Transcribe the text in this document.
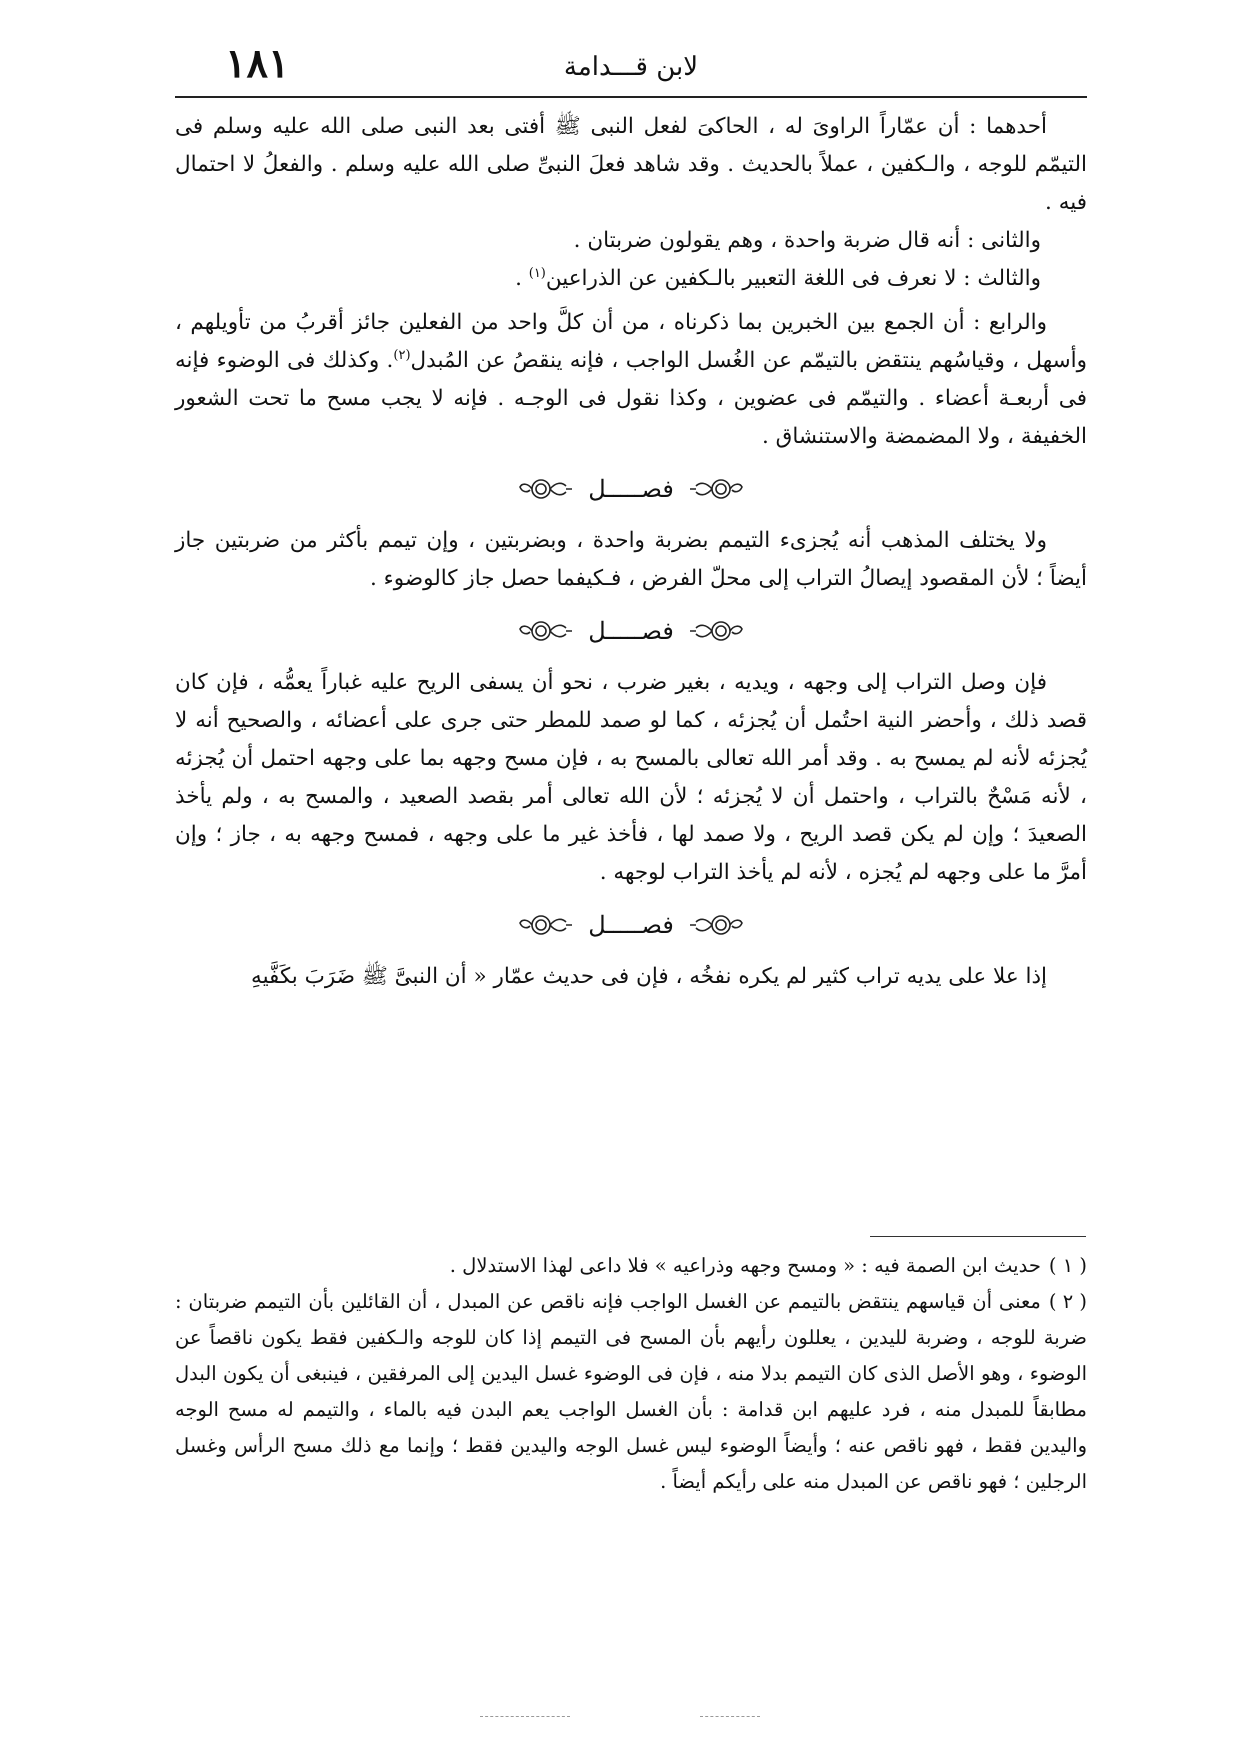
١٨١	لابن قـــدامة

أحدهما : أن عمّاراً الراوىَ له ، الحاكىَ لفعل النبى ﷺ أفتى بعد النبى صلى الله عليه وسلم فى التيمّم للوجه ، والـكفين ، عملاً بالحديث . وقد شاهد فعلَ النبىِّ صلى الله عليه وسلم . والفعلُ لا احتمال فيه .

والثانى : أنه قال ضربة واحدة ، وهم يقولون ضربتان .

والثالث : لا نعرف فى اللغة التعبير بالـكفين عن الذراعين$^{(١)}$ .

والرابع : أن الجمع بين الخبرين بما ذكرناه ، من أن كلَّ واحد من الفعلين جائز أقربُ من تأويلهم ، وأسهل ، وقياسُهم ينتقض بالتيمّم عن الغُسل الواجب ، فإنه ينقصُ عن المُبدل$^{(٢)}$. وكذلك فى الوضوء فإنه فى أربعـة أعضاء . والتيمّم فى عضوين ، وكذا نقول فى الوجـه . فإنه لا يجب مسح ما تحت الشعور الخفيفة ، ولا المضمضة والاستنشاق .

فصـــــل

ولا يختلف المذهب أنه يُجزىء التيمم بضربة واحدة ، وبضربتين ، وإن تيمم بأكثر من ضربتين جاز أيضاً ؛ لأن المقصود إيصالُ التراب إلى محلّ الفرض ، فـكيفما حصل جاز كالوضوء .

فصـــــل

فإن وصل التراب إلى وجهه ، ويديه ، بغير ضرب ، نحو أن يسفى الريح عليه غباراً يعمُّه ، فإن كان قصد ذلك ، وأحضر النية احتُمل أن يُجزئه ، كما لو صمد للمطر حتى جرى على أعضائه ، والصحيح أنه لا يُجزئه لأنه لم يمسح به . وقد أمر الله تعالى بالمسح به ، فإن مسح وجهه بما على وجهه احتمل أن يُجزئه ، لأنه مَسْحٌ بالتراب ، واحتمل أن لا يُجزئه ؛ لأن الله تعالى أمر بقصد الصعيد ، والمسح به ، ولم يأخذ الصعيدَ ؛ وإن لم يكن قصد الريح ، ولا صمد لها ، فأخذ غير ما على وجهه ، فمسح وجهه به ، جاز ؛ وإن أمرَّ ما على وجهه لم يُجزه ، لأنه لم يأخذ التراب لوجهه .

فصـــــل

إذا علا على يديه تراب كثير لم يكره نفخُه ، فإن فى حديث عمّار « أن النبىَّ ﷺ ضَرَبَ بكَفَّيهِ

( ١ )حديث ابن الصمة فيه : « ومسح وجهه وذراعيه » فلا داعى لهذا الاستدلال .

( ٢ )معنى أن قياسهم ينتقض بالتيمم عن الغسل الواجب فإنه ناقص عن المبدل ، أن القائلين بأن التيمم ضربتان : ضربة للوجه ، وضربة لليدين ، يعللون رأيهم بأن المسح فى التيمم إذا كان للوجه والـكفين فقط يكون ناقصاً عن الوضوء ، وهو الأصل الذى كان التيمم بدلا منه ، فإن فى الوضوء غسل اليدين إلى المرفقين ، فينبغى أن يكون البدل مطابقاً للمبدل منه ، فرد عليهم ابن قدامة : بأن الغسل الواجب يعم البدن فيه بالماء ، والتيمم له مسح الوجه واليدين فقط ، فهو ناقص عنه ؛ وأيضاً الوضوء ليس غسل الوجه واليدين فقط ؛ وإنما مع ذلك مسح الرأس وغسل الرجلين ؛ فهو ناقص عن المبدل منه على رأيكم أيضاً .
